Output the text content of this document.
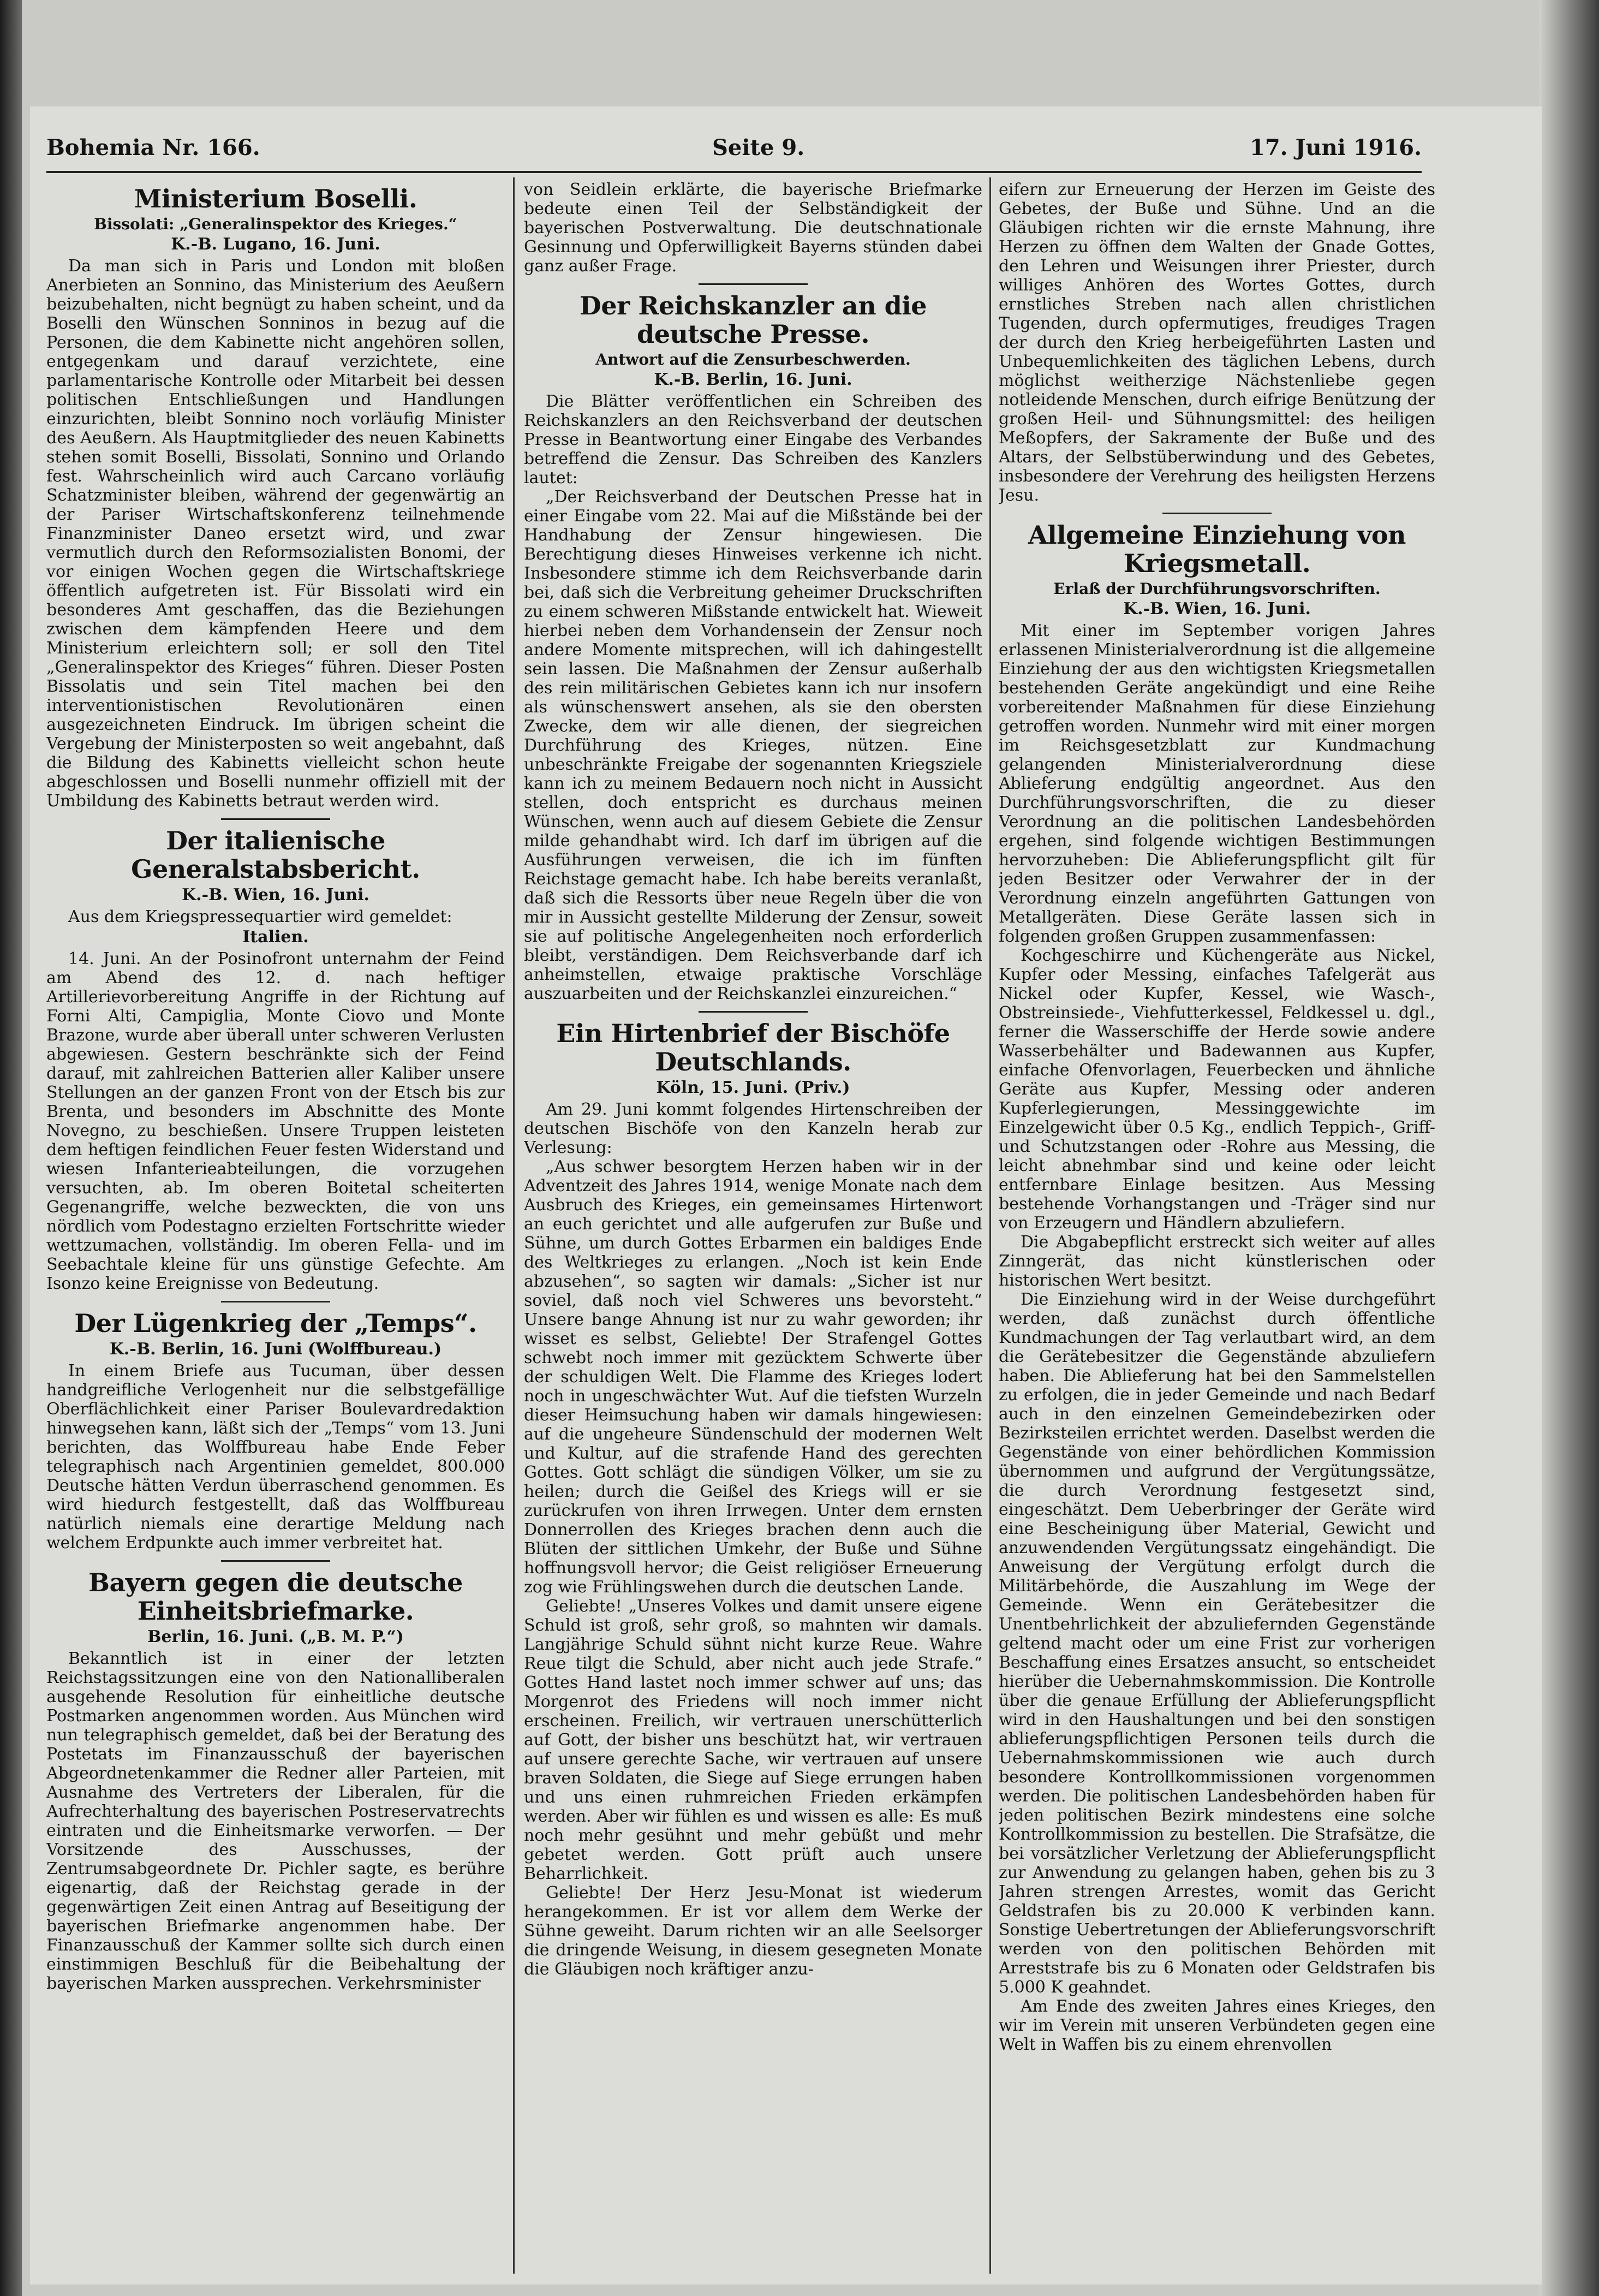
Bohemia Nr. 166.	Seite 9.	17. Juni 1916.
Ministerium Boselli.
Bissolati: „Generalinspektor des Krieges.“
K.-B. Lugano, 16. Juni.

Da man sich in Paris und London mit bloßen Anerbieten an Sonnino, das Ministerium des Aeußern beizubehalten, nicht begnügt zu haben scheint, und da Boselli den Wünschen Sonninos in bezug auf die Personen, die dem Kabinette nicht angehören sollen, entgegenkam und darauf verzichtete, eine parlamentarische Kontrolle oder Mitarbeit bei dessen politischen Entschließungen und Handlungen einzurichten, bleibt Sonnino noch vorläufig Minister des Aeußern. Als Hauptmitglieder des neuen Kabinetts stehen somit Boselli, Bissolati, Sonnino und Orlando fest. Wahrscheinlich wird auch Carcano vorläufig Schatzminister bleiben, während der gegenwärtig an der Pariser Wirtschaftskonferenz teilnehmende Finanzminister Daneo ersetzt wird, und zwar vermutlich durch den Reformsozialisten Bonomi, der vor einigen Wochen gegen die Wirtschaftskriege öffentlich aufgetreten ist. Für Bissolati wird ein besonderes Amt geschaffen, das die Beziehungen zwischen dem kämpfenden Heere und dem Ministerium erleichtern soll; er soll den Titel „Generalinspektor des Krieges“ führen. Dieser Posten Bissolatis und sein Titel machen bei den interventionistischen Revolutionären einen ausgezeichneten Eindruck. Im übrigen scheint die Vergebung der Ministerposten so weit angebahnt, daß die Bildung des Kabinetts vielleicht schon heute abgeschlossen und Boselli nunmehr offiziell mit der Umbildung des Kabinetts betraut werden wird.

Der italienische Generalstabsbericht.
K.-B. Wien, 16. Juni.

Aus dem Kriegspressequartier wird gemeldet:

Italien.

14. Juni. An der Posinofront unternahm der Feind am Abend des 12. d. nach heftiger Artillerievorbereitung Angriffe in der Richtung auf Forni Alti, Campiglia, Monte Ciovo und Monte Brazone, wurde aber überall unter schweren Verlusten abgewiesen. Gestern beschränkte sich der Feind darauf, mit zahlreichen Batterien aller Kaliber unsere Stellungen an der ganzen Front von der Etsch bis zur Brenta, und besonders im Abschnitte des Monte Novegno, zu beschießen. Unsere Truppen leisteten dem heftigen feindlichen Feuer festen Widerstand und wiesen Infanterieabteilungen, die vorzugehen versuchten, ab. Im oberen Boitetal scheiterten Gegenangriffe, welche bezweckten, die von uns nördlich vom Podestagno erzielten Fortschritte wieder wettzumachen, vollständig. Im oberen Fella- und im Seebachtale kleine für uns günstige Gefechte. Am Isonzo keine Ereignisse von Bedeutung.

Der Lügenkrieg der „Temps“.
K.-B. Berlin, 16. Juni (Wolffbureau.)

In einem Briefe aus Tucuman, über dessen handgreifliche Verlogenheit nur die selbstgefällige Oberflächlichkeit einer Pariser Boulevardredaktion hinwegsehen kann, läßt sich der „Temps“ vom 13. Juni berichten, das Wolffbureau habe Ende Feber telegraphisch nach Argentinien gemeldet, 800.000 Deutsche hätten Verdun überraschend genommen. Es wird hiedurch festgestellt, daß das Wolffbureau natürlich niemals eine derartige Meldung nach welchem Erdpunkte auch immer verbreitet hat.

Bayern gegen die deutsche Einheitsbriefmarke.
Berlin, 16. Juni. („B. M. P.“)

Bekanntlich ist in einer der letzten Reichstagssitzungen eine von den Nationalliberalen ausgehende Resolution für einheitliche deutsche Postmarken angenommen worden. Aus München wird nun telegraphisch gemeldet, daß bei der Beratung des Postetats im Finanzausschuß der bayerischen Abgeordnetenkammer die Redner aller Parteien, mit Ausnahme des Vertreters der Liberalen, für die Aufrechterhaltung des bayerischen Postreservatrechts eintraten und die Einheitsmarke verworfen. — Der Vorsitzende des Ausschusses, der Zentrumsabgeordnete Dr. Pichler sagte, es berühre eigenartig, daß der Reichstag gerade in der gegenwärtigen Zeit einen Antrag auf Beseitigung der bayerischen Briefmarke angenommen habe. Der Finanzausschuß der Kammer sollte sich durch einen einstimmigen Beschluß für die Beibehaltung der bayerischen Marken aussprechen. Verkehrsminister

von Seidlein erklärte, die bayerische Briefmarke bedeute einen Teil der Selbständigkeit der bayerischen Postverwaltung. Die deutschnationale Gesinnung und Opferwilligkeit Bayerns stünden dabei ganz außer Frage.

Der Reichskanzler an die deutsche Presse.
Antwort auf die Zensurbeschwerden.
K.-B. Berlin, 16. Juni.

Die Blätter veröffentlichen ein Schreiben des Reichskanzlers an den Reichsverband der deutschen Presse in Beantwortung einer Eingabe des Verbandes betreffend die Zensur. Das Schreiben des Kanzlers lautet:

„Der Reichsverband der Deutschen Presse hat in einer Eingabe vom 22. Mai auf die Mißstände bei der Handhabung der Zensur hingewiesen. Die Berechtigung dieses Hinweises verkenne ich nicht. Insbesondere stimme ich dem Reichsverbande darin bei, daß sich die Verbreitung geheimer Druckschriften zu einem schweren Mißstande entwickelt hat. Wieweit hierbei neben dem Vorhandensein der Zensur noch andere Momente mitsprechen, will ich dahingestellt sein lassen. Die Maßnahmen der Zensur außerhalb des rein militärischen Gebietes kann ich nur insofern als wünschenswert ansehen, als sie den obersten Zwecke, dem wir alle dienen, der siegreichen Durchführung des Krieges, nützen. Eine unbeschränkte Freigabe der sogenannten Kriegsziele kann ich zu meinem Bedauern noch nicht in Aussicht stellen, doch entspricht es durchaus meinen Wünschen, wenn auch auf diesem Gebiete die Zensur milde gehandhabt wird. Ich darf im übrigen auf die Ausführungen verweisen, die ich im fünften Reichstage gemacht habe. Ich habe bereits veranlaßt, daß sich die Ressorts über neue Regeln über die von mir in Aussicht gestellte Milderung der Zensur, soweit sie auf politische Angelegenheiten noch erforderlich bleibt, verständigen. Dem Reichsverbande darf ich anheimstellen, etwaige praktische Vorschläge auszuarbeiten und der Reichskanzlei einzureichen.“

Ein Hirtenbrief der Bischöfe Deutschlands.
Köln, 15. Juni. (Priv.)

Am 29. Juni kommt folgendes Hirtenschreiben der deutschen Bischöfe von den Kanzeln herab zur Verlesung:

„Aus schwer besorgtem Herzen haben wir in der Adventzeit des Jahres 1914, wenige Monate nach dem Ausbruch des Krieges, ein gemeinsames Hirtenwort an euch gerichtet und alle aufgerufen zur Buße und Sühne, um durch Gottes Erbarmen ein baldiges Ende des Weltkrieges zu erlangen. „Noch ist kein Ende abzusehen“, so sagten wir damals: „Sicher ist nur soviel, daß noch viel Schweres uns bevorsteht.“ Unsere bange Ahnung ist nur zu wahr geworden; ihr wisset es selbst, Geliebte! Der Strafengel Gottes schwebt noch immer mit gezücktem Schwerte über der schuldigen Welt. Die Flamme des Krieges lodert noch in ungeschwächter Wut. Auf die tiefsten Wurzeln dieser Heimsuchung haben wir damals hingewiesen: auf die ungeheure Sündenschuld der modernen Welt und Kultur, auf die strafende Hand des gerechten Gottes. Gott schlägt die sündigen Völker, um sie zu heilen; durch die Geißel des Kriegs will er sie zurückrufen von ihren Irrwegen. Unter dem ernsten Donnerrollen des Krieges brachen denn auch die Blüten der sittlichen Umkehr, der Buße und Sühne hoffnungsvoll hervor; die Geist religiöser Erneuerung zog wie Frühlingswehen durch die deutschen Lande.

Geliebte! „Unseres Volkes und damit unsere eigene Schuld ist groß, sehr groß, so mahnten wir damals. Langjährige Schuld sühnt nicht kurze Reue. Wahre Reue tilgt die Schuld, aber nicht auch jede Strafe.“ Gottes Hand lastet noch immer schwer auf uns; das Morgenrot des Friedens will noch immer nicht erscheinen. Freilich, wir vertrauen unerschütterlich auf Gott, der bisher uns beschützt hat, wir vertrauen auf unsere gerechte Sache, wir vertrauen auf unsere braven Soldaten, die Siege auf Siege errungen haben und uns einen ruhmreichen Frieden erkämpfen werden. Aber wir fühlen es und wissen es alle: Es muß noch mehr gesühnt und mehr gebüßt und mehr gebetet werden. Gott prüft auch unsere Beharrlichkeit.

Geliebte! Der Herz Jesu-Monat ist wiederum herangekommen. Er ist vor allem dem Werke der Sühne geweiht. Darum richten wir an alle Seelsorger die dringende Weisung, in diesem gesegneten Monate die Gläubigen noch kräftiger anzu-

eifern zur Erneuerung der Herzen im Geiste des Gebetes, der Buße und Sühne. Und an die Gläubigen richten wir die ernste Mahnung, ihre Herzen zu öffnen dem Walten der Gnade Gottes, den Lehren und Weisungen ihrer Priester, durch williges Anhören des Wortes Gottes, durch ernstliches Streben nach allen christlichen Tugenden, durch opfermutiges, freudiges Tragen der durch den Krieg herbeigeführten Lasten und Unbequemlichkeiten des täglichen Lebens, durch möglichst weitherzige Nächstenliebe gegen notleidende Menschen, durch eifrige Benützung der großen Heil- und Sühnungsmittel: des heiligen Meßopfers, der Sakramente der Buße und des Altars, der Selbstüberwindung und des Gebetes, insbesondere der Verehrung des heiligsten Herzens Jesu.

Allgemeine Einziehung von Kriegsmetall.
Erlaß der Durchführungsvorschriften.
K.-B. Wien, 16. Juni.

Mit einer im September vorigen Jahres erlassenen Ministerialverordnung ist die allgemeine Einziehung der aus den wichtigsten Kriegsmetallen bestehenden Geräte angekündigt und eine Reihe vorbereitender Maßnahmen für diese Einziehung getroffen worden. Nunmehr wird mit einer morgen im Reichsgesetzblatt zur Kundmachung gelangenden Ministerialverordnung diese Ablieferung endgültig angeordnet. Aus den Durchführungsvorschriften, die zu dieser Verordnung an die politischen Landesbehörden ergehen, sind folgende wichtigen Bestimmungen hervorzuheben: Die Ablieferungspflicht gilt für jeden Besitzer oder Verwahrer der in der Verordnung einzeln angeführten Gattungen von Metallgeräten. Diese Geräte lassen sich in folgenden großen Gruppen zusammenfassen:

Kochgeschirre und Küchengeräte aus Nickel, Kupfer oder Messing, einfaches Tafelgerät aus Nickel oder Kupfer, Kessel, wie Wasch-, Obstreinsiede-, Viehfutterkessel, Feldkessel u. dgl., ferner die Wasserschiffe der Herde sowie andere Wasserbehälter und Badewannen aus Kupfer, einfache Ofenvorlagen, Feuerbecken und ähnliche Geräte aus Kupfer, Messing oder anderen Kupferlegierungen, Messinggewichte im Einzelgewicht über 0.5 Kg., endlich Teppich-, Griff- und Schutzstangen oder -Rohre aus Messing, die leicht abnehmbar sind und keine oder leicht entfernbare Einlage besitzen. Aus Messing bestehende Vorhangstangen und -Träger sind nur von Erzeugern und Händlern abzuliefern.

Die Abgabepflicht erstreckt sich weiter auf alles Zinngerät, das nicht künstlerischen oder historischen Wert besitzt.

Die Einziehung wird in der Weise durchgeführt werden, daß zunächst durch öffentliche Kundmachungen der Tag verlautbart wird, an dem die Gerätebesitzer die Gegenstände abzuliefern haben. Die Ablieferung hat bei den Sammelstellen zu erfolgen, die in jeder Gemeinde und nach Bedarf auch in den einzelnen Gemeindebezirken oder Bezirksteilen errichtet werden. Daselbst werden die Gegenstände von einer behördlichen Kommission übernommen und aufgrund der Vergütungssätze, die durch Verordnung festgesetzt sind, eingeschätzt. Dem Ueberbringer der Geräte wird eine Bescheinigung über Material, Gewicht und anzuwendenden Vergütungssatz eingehändigt. Die Anweisung der Vergütung erfolgt durch die Militärbehörde, die Auszahlung im Wege der Gemeinde. Wenn ein Gerätebesitzer die Unentbehrlichkeit der abzuliefernden Gegenstände geltend macht oder um eine Frist zur vorherigen Beschaffung eines Ersatzes ansucht, so entscheidet hierüber die Uebernahmskommission. Die Kontrolle über die genaue Erfüllung der Ablieferungspflicht wird in den Haushaltungen und bei den sonstigen ablieferungspflichtigen Personen teils durch die Uebernahmskommissionen wie auch durch besondere Kontrollkommissionen vorgenommen werden. Die politischen Landesbehörden haben für jeden politischen Bezirk mindestens eine solche Kontrollkommission zu bestellen. Die Strafsätze, die bei vorsätzlicher Verletzung der Ablieferungspflicht zur Anwendung zu gelangen haben, gehen bis zu 3 Jahren strengen Arrestes, womit das Gericht Geldstrafen bis zu 20.000 K verbinden kann. Sonstige Uebertretungen der Ablieferungsvorschrift werden von den politischen Behörden mit Arreststrafe bis zu 6 Monaten oder Geldstrafen bis 5.000 K geahndet.

Am Ende des zweiten Jahres eines Krieges, den wir im Verein mit unseren Verbündeten gegen eine Welt in Waffen bis zu einem ehrenvollen
